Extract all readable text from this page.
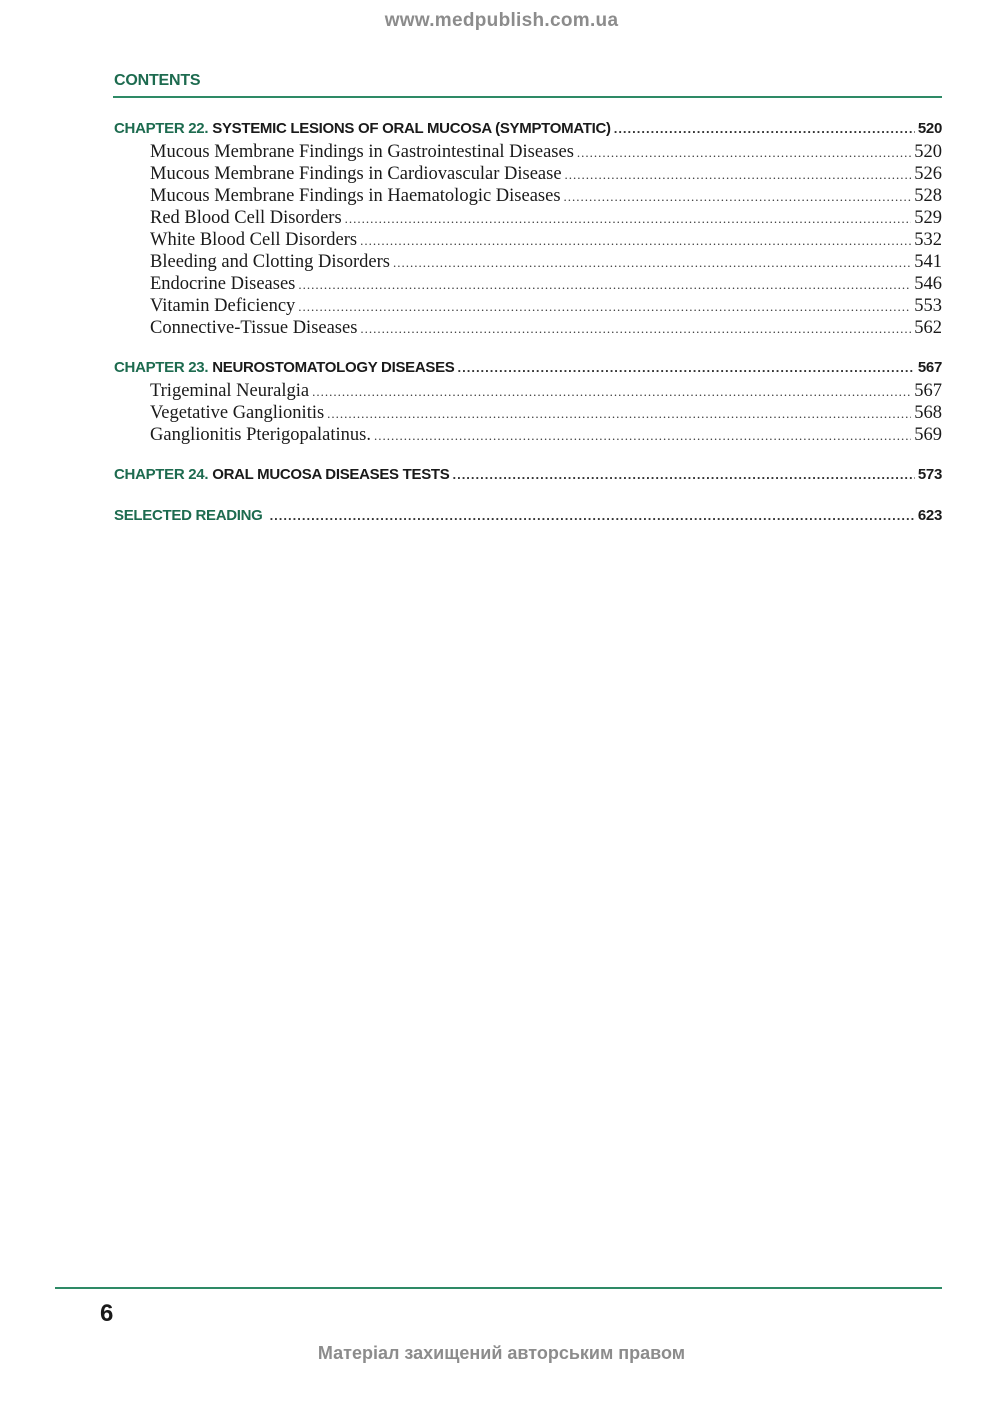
www.medpublish.com.ua
CONTENTS
CHAPTER 22. SYSTEMIC LESIONS OF ORAL MUCOSA (SYMPTOMATIC) .....	520
Mucous Membrane Findings in Gastrointestinal Diseases .....	520
Mucous Membrane Findings in Cardiovascular Disease .....	526
Mucous Membrane Findings in Haematologic Diseases .....	528
Red Blood Cell Disorders .....	529
White Blood Cell Disorders .....	532
Bleeding and Clotting Disorders .....	541
Endocrine Diseases .....	546
Vitamin Deficiency .....	553
Connective-Tissue Diseases .....	562
CHAPTER 23. NEUROSTOMATOLOGY DISEASES .....	567
Trigeminal Neuralgia .....	567
Vegetative Ganglionitis .....	568
Ganglionitis Pterigopalatinus. .....	569
CHAPTER 24. ORAL MUCOSA DISEASES TESTS .....	573
SELECTED READING .....	623
6
Матеріал захищений авторським правом
